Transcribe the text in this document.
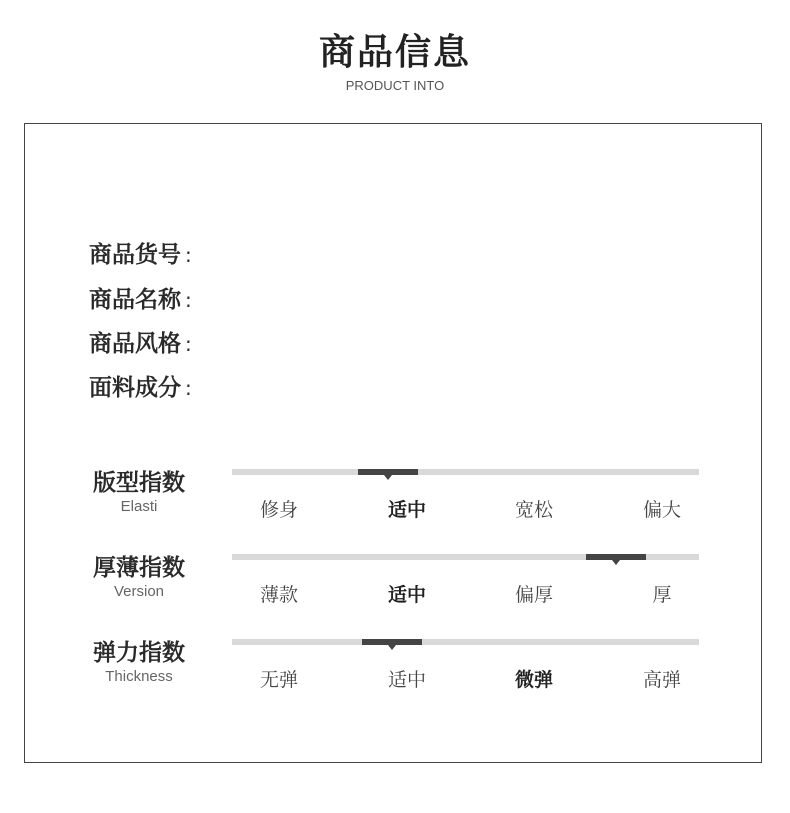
商品信息
PRODUCT INTO
商品货号 :
商品名称 :
商品风格 :
面料成分 :
版型指数
Elasti	修身	适中	宽松	偏大
厚薄指数
Version	薄款	适中	偏厚	厚
弹力指数
Thickness	无弹	适中	微弹	高弹
